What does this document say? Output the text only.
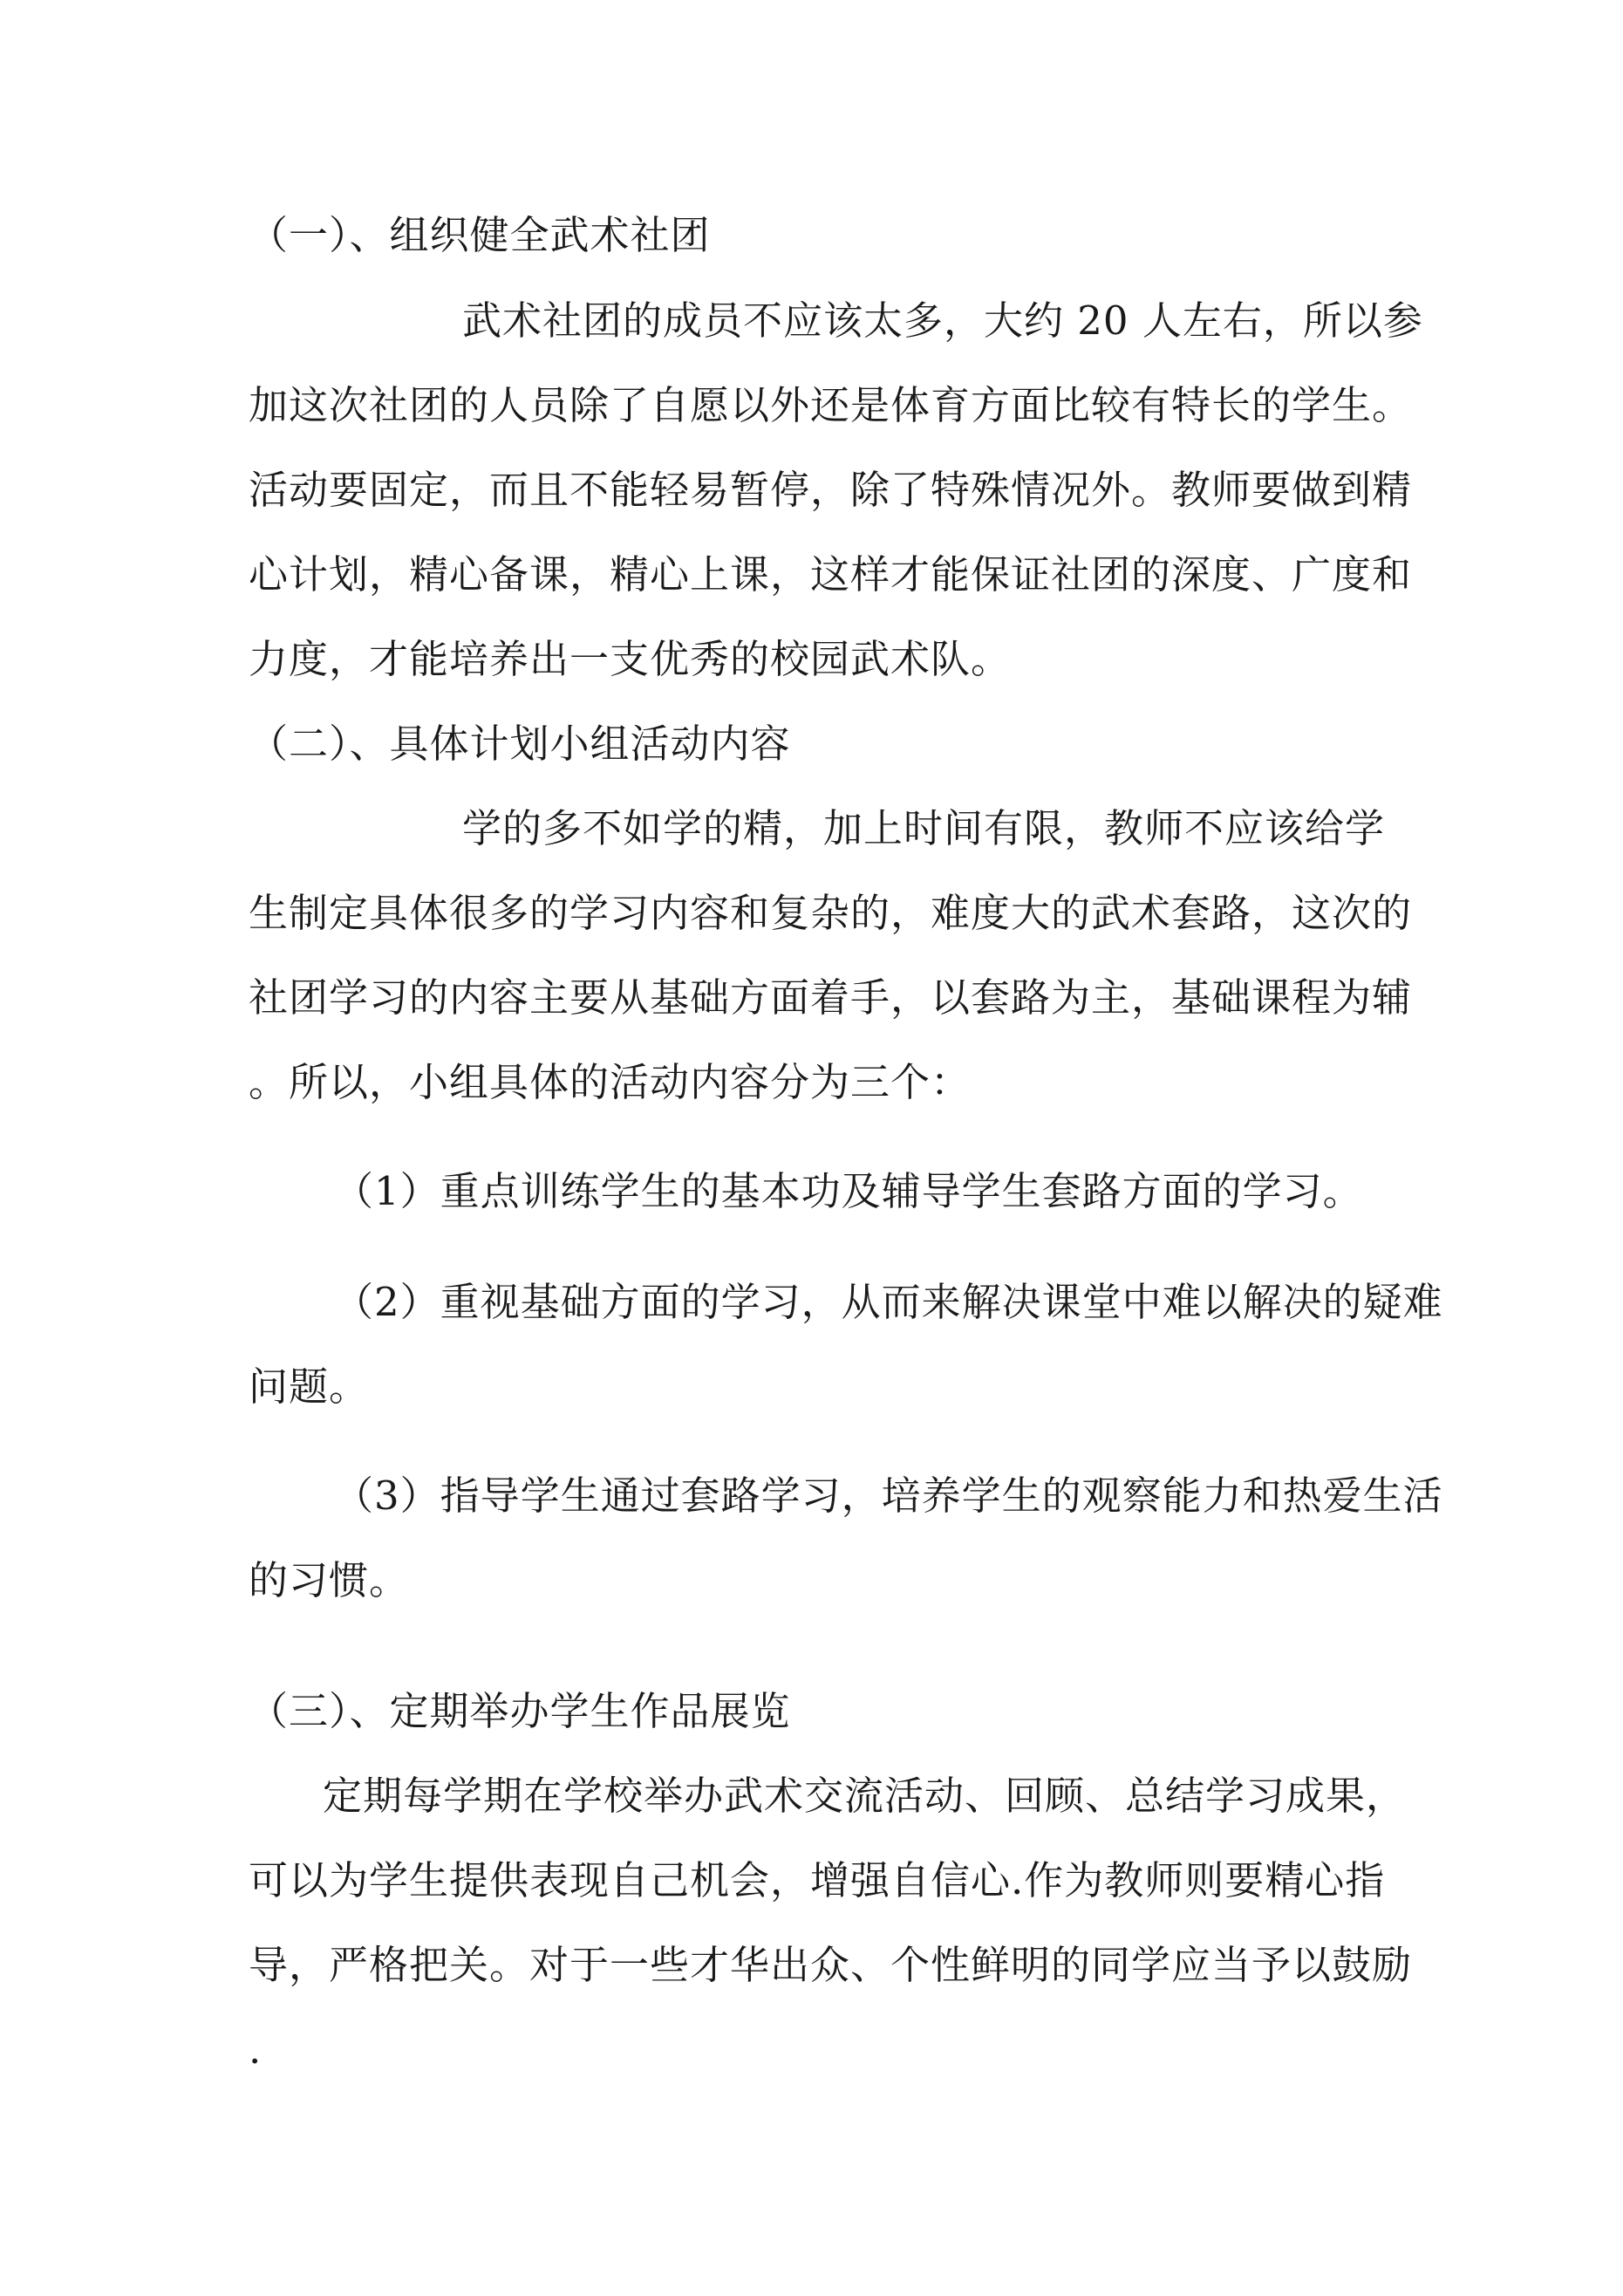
（一）、组织健全武术社团
武术社团的成员不应该太多，大约 20 人左右，所以参
加这次社团的人员除了自愿以外还是体育方面比较有特长的学生。
活动要固定，而且不能轻易暂停，除了特殊情况外。教师要做到精
心计划，精心备课，精心上课，这样才能保证社团的深度、广度和
力度，才能培养出一支优秀的校园武术队。
（二）、具体计划小组活动内容
学的多不如学的精，加上时间有限，教师不应该给学
生制定具体很多的学习内容和复杂的，难度大的武术套路，这次的
社团学习的内容主要从基础方面着手，以套路为主，基础课程为辅
。所以，小组具体的活动内容分为三个：
（1）重点训练学生的基本功及辅导学生套路方面的学习。
（2）重视基础方面的学习，从而来解决课堂中难以解决的疑难
问题。
（3）指导学生通过套路学习，培养学生的观察能力和热爱生活
的习惯。
（三）、定期举办学生作品展览
定期每学期在学校举办武术交流活动、回顾、总结学习成果，
可以为学生提供表现自己机会，增强自信心.作为教师则要精心指
导，严格把关。对于一些才华出众、个性鲜明的同学应当予以鼓励
.
